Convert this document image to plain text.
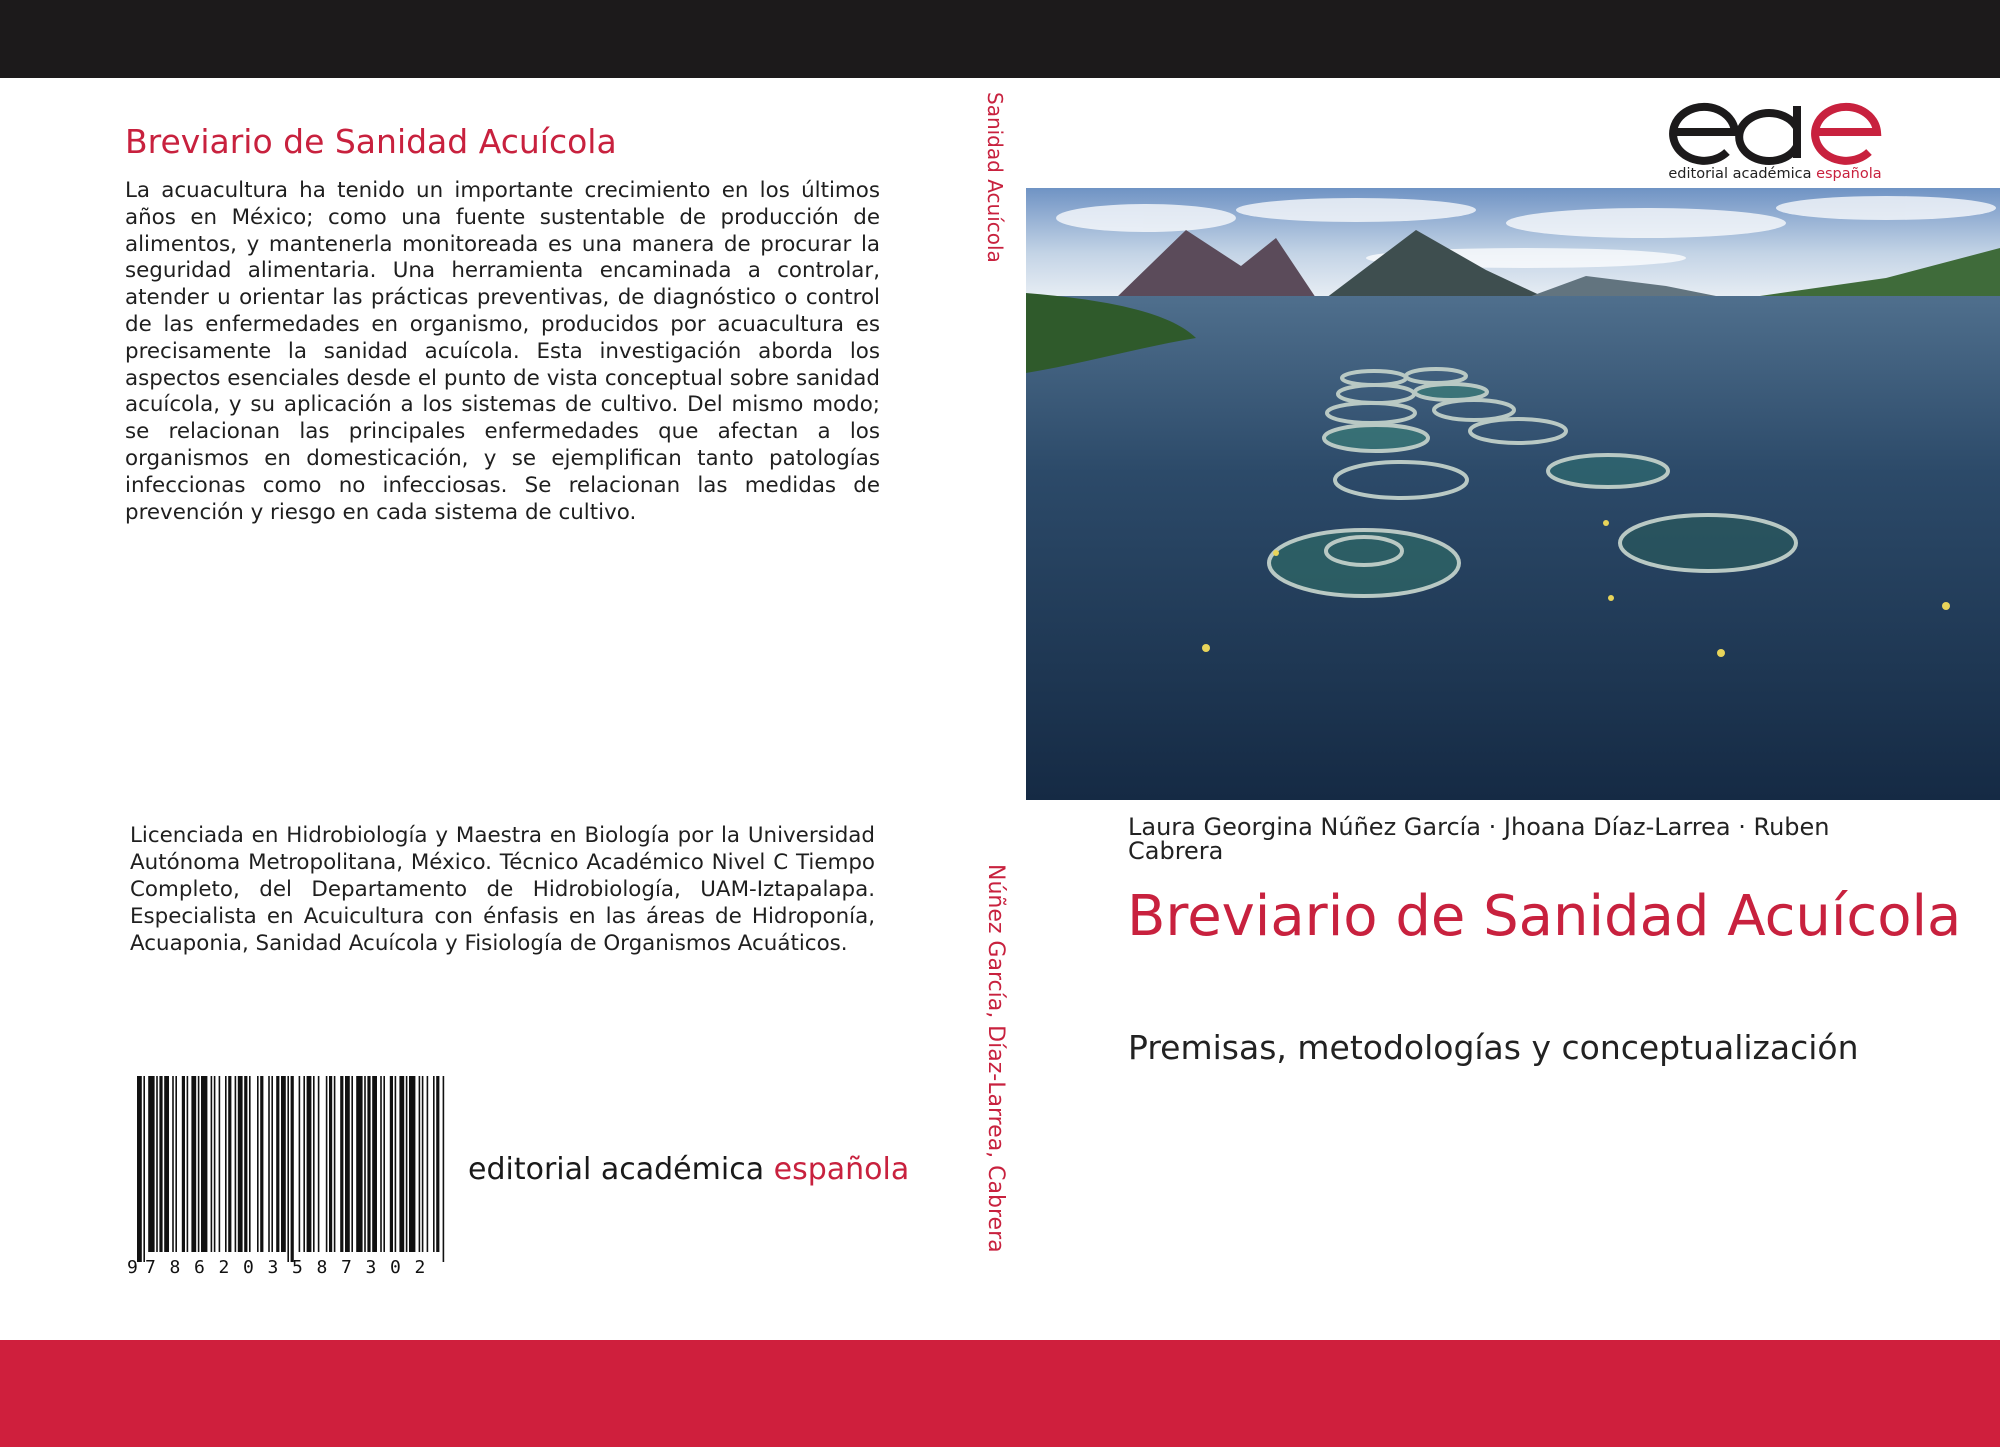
Breviario de Sanidad Acuícola

La acuacultura ha tenido un importante crecimiento en los últimos años en México; como una fuente sustentable de producción de alimentos, y mantenerla monitoreada es una manera de procurar la seguridad alimentaria. Una herramienta encaminada a controlar, atender u orientar las prácticas preventivas, de diagnóstico o control de las enfermedades en organismo, producidos por acuacultura es precisamente la sanidad acuícola. Esta investigación aborda los aspectos esenciales desde el punto de vista conceptual sobre sanidad acuícola, y su aplicación a los sistemas de cultivo. Del mismo modo; se relacionan las principales enfermedades que afectan a los organismos en domesticación, y se ejemplifican tanto patologías infeccionas como no infecciosas. Se relacionan las medidas de prevención y riesgo en cada sistema de cultivo.

Licenciada en Hidrobiología y Maestra en Biología por la Universidad Autónoma Metropolitana, México. Técnico Académico Nivel C Tiempo Completo, del Departamento de Hidrobiología, UAM-Iztapalapa. Especialista en Acuicultura con énfasis en las áreas de Hidroponía, Acuaponia, Sanidad Acuícola y Fisiología de Organismos Acuáticos.

9 7 8 6 2 0 3 5 8 7 3 0 2
editorial académica española
Sanidad Acuícola
Núñez García, Díaz-Larrea, Cabrera
editorial académica española
Laura Georgina Núñez García · Jhoana Díaz-Larrea · Ruben Cabrera
Breviario de Sanidad Acuícola
Premisas, metodologías y conceptualización
